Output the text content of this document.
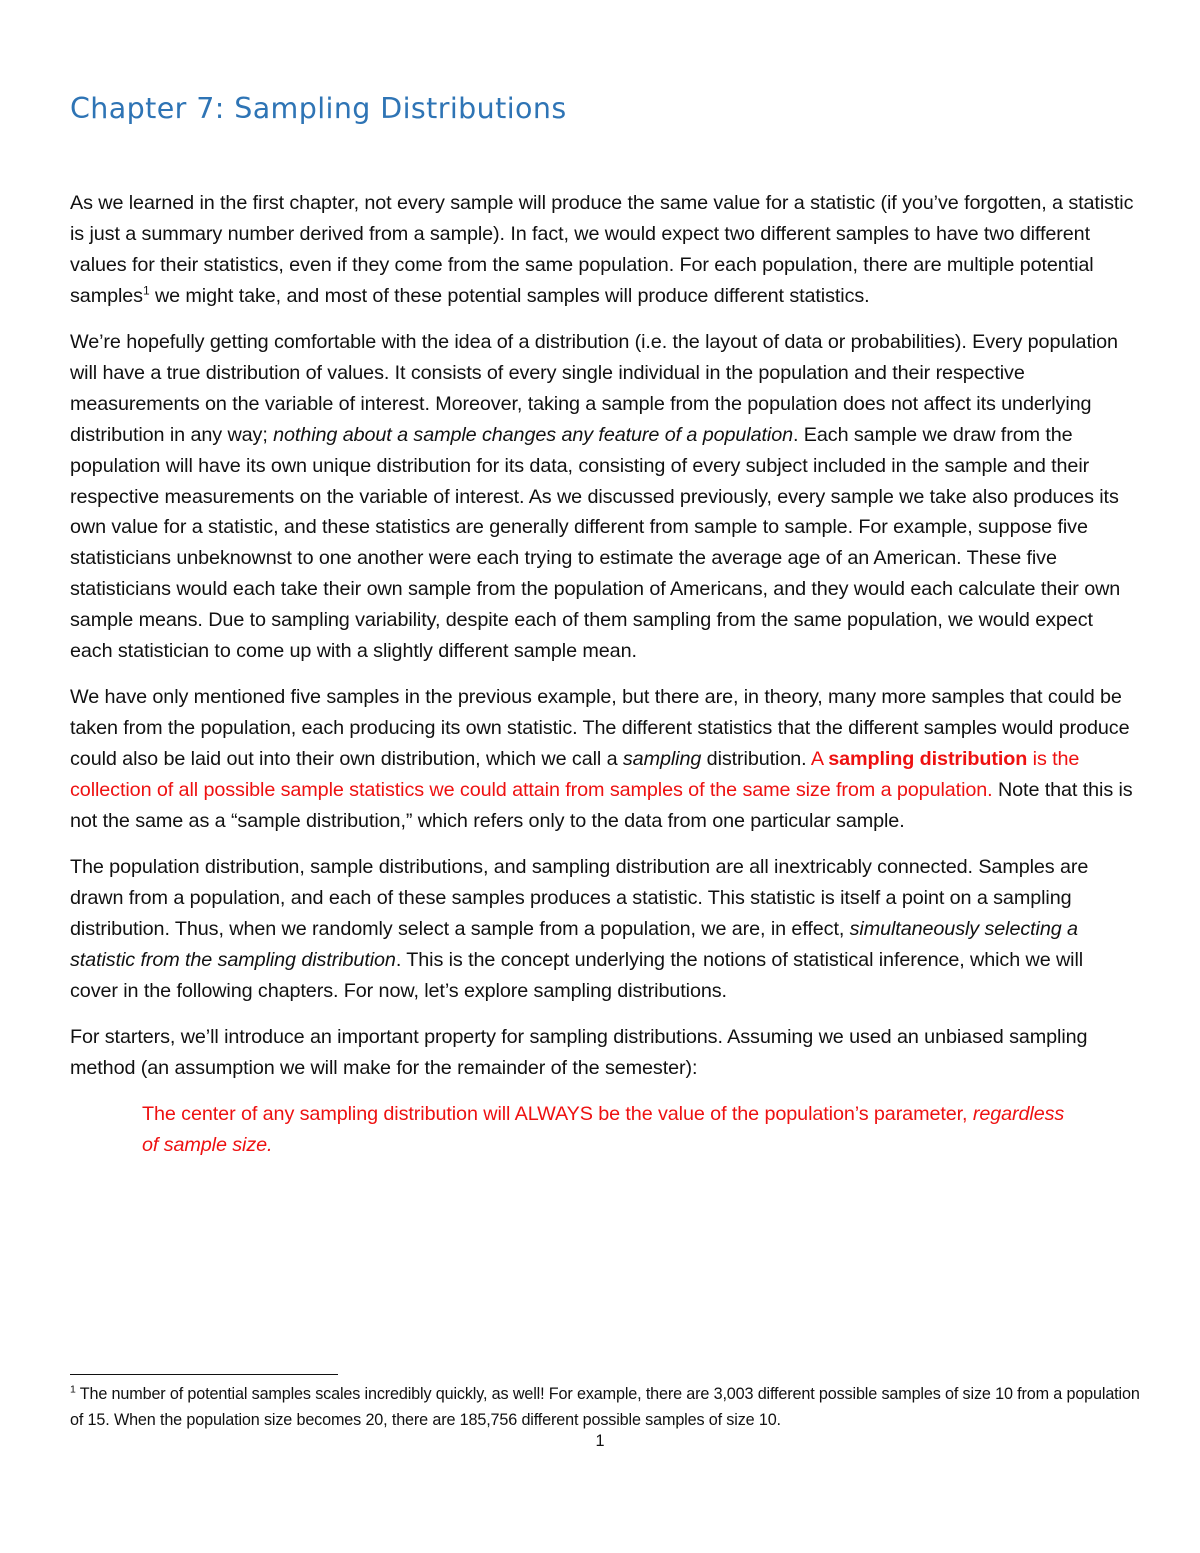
Chapter 7: Sampling Distributions

As we learned in the first chapter, not every sample will produce the same value for a statistic (if you’ve forgotten, a statistic is just a summary number derived from a sample). In fact, we would expect two different samples to have two different values for their statistics, even if they come from the same population. For each population, there are multiple potential samples$^1$ we might take, and most of these potential samples will produce different statistics.

We’re hopefully getting comfortable with the idea of a distribution (i.e. the layout of data or probabilities). Every population will have a true distribution of values. It consists of every single individual in the population and their respective measurements on the variable of interest. Moreover, taking a sample from the population does not affect its underlying distribution in any way; nothing about a sample changes any feature of a population. Each sample we draw from the population will have its own unique distribution for its data, consisting of every subject included in the sample and their respective measurements on the variable of interest. As we discussed previously, every sample we take also produces its own value for a statistic, and these statistics are generally different from sample to sample. For example, suppose five statisticians unbeknownst to one another were each trying to estimate the average age of an American. These five statisticians would each take their own sample from the population of Americans, and they would each calculate their own sample means. Due to sampling variability, despite each of them sampling from the same population, we would expect each statistician to come up with a slightly different sample mean.

We have only mentioned five samples in the previous example, but there are, in theory, many more samples that could be taken from the population, each producing its own statistic. The different statistics that the different samples would produce could also be laid out into their own distribution, which we call a sampling distribution. A sampling distribution is the collection of all possible sample statistics we could attain from samples of the same size from a population. Note that this is not the same as a “sample distribution,” which refers only to the data from one particular sample.

The population distribution, sample distributions, and sampling distribution are all inextricably connected. Samples are drawn from a population, and each of these samples produces a statistic. This statistic is itself a point on a sampling distribution. Thus, when we randomly select a sample from a population, we are, in effect, simultaneously selecting a statistic from the sampling distribution. This is the concept underlying the notions of statistical inference, which we will cover in the following chapters. For now, let’s explore sampling distributions.

For starters, we’ll introduce an important property for sampling distributions. Assuming we used an unbiased sampling method (an assumption we will make for the remainder of the semester):

The center of any sampling distribution will ALWAYS be the value of the population’s parameter, regardless of sample size.

$^1$ The number of potential samples scales incredibly quickly, as well! For example, there are 3,003 different possible samples of size 10 from a population of 15. When the population size becomes 20, there are 185,756 different possible samples of size 10.
1
